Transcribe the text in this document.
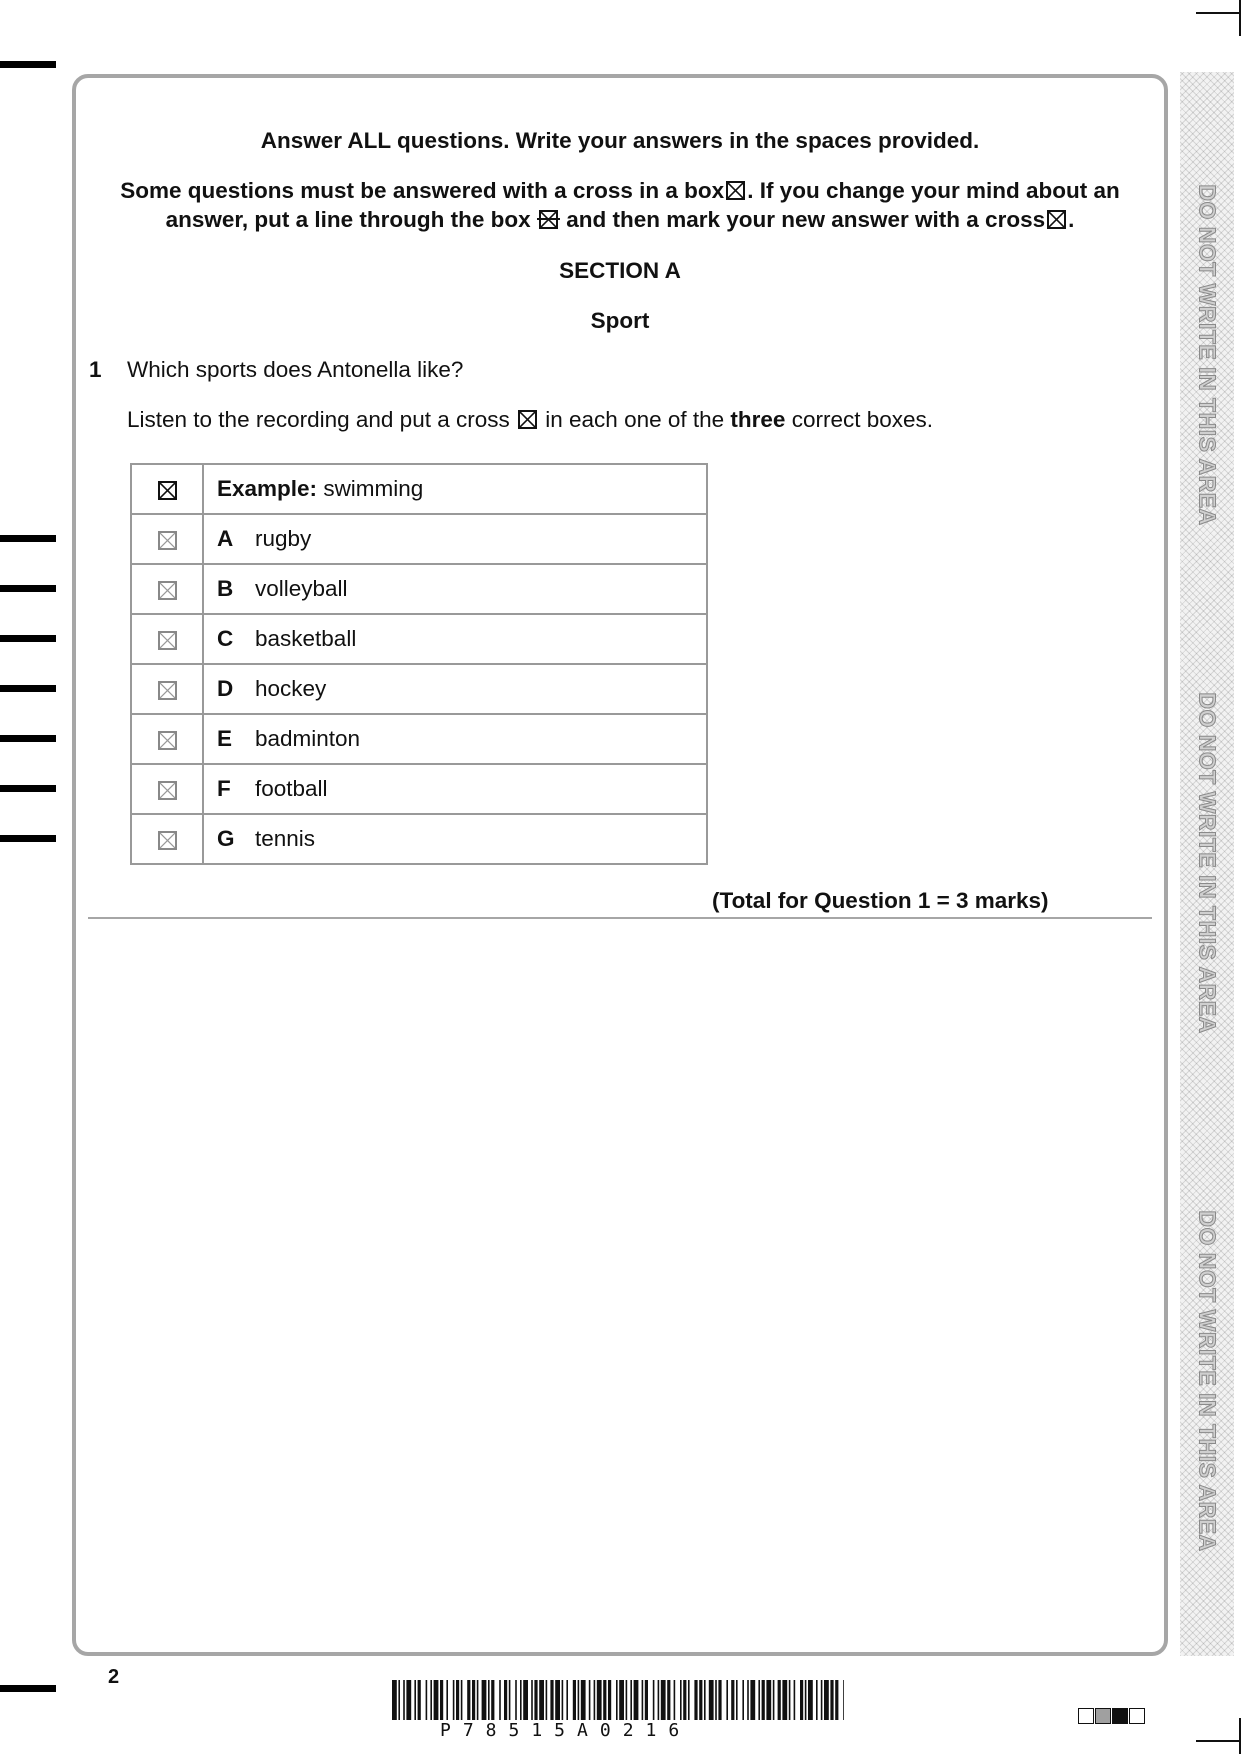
DO NOT WRITE IN THIS AREA
DO NOT WRITE IN THIS AREA
DO NOT WRITE IN THIS AREA
Answer ALL questions. Write your answers in the spaces provided.
Some questions must be answered with a cross in a box ☒ . If you change your mind about an
answer, put a line through the box and then mark your new answer with a cross ☒ .
SECTION A
Sport
1 Which sports does Antonella like?
Listen to the recording and put a cross ☒ in each one of the three correct boxes.
	Example: swimming

	A rugby

	B volleyball

	C basketball

	D hockey

	E badminton

	F football

	G tennis
(Total for Question 1 = 3 marks)
2
P78515A0216
